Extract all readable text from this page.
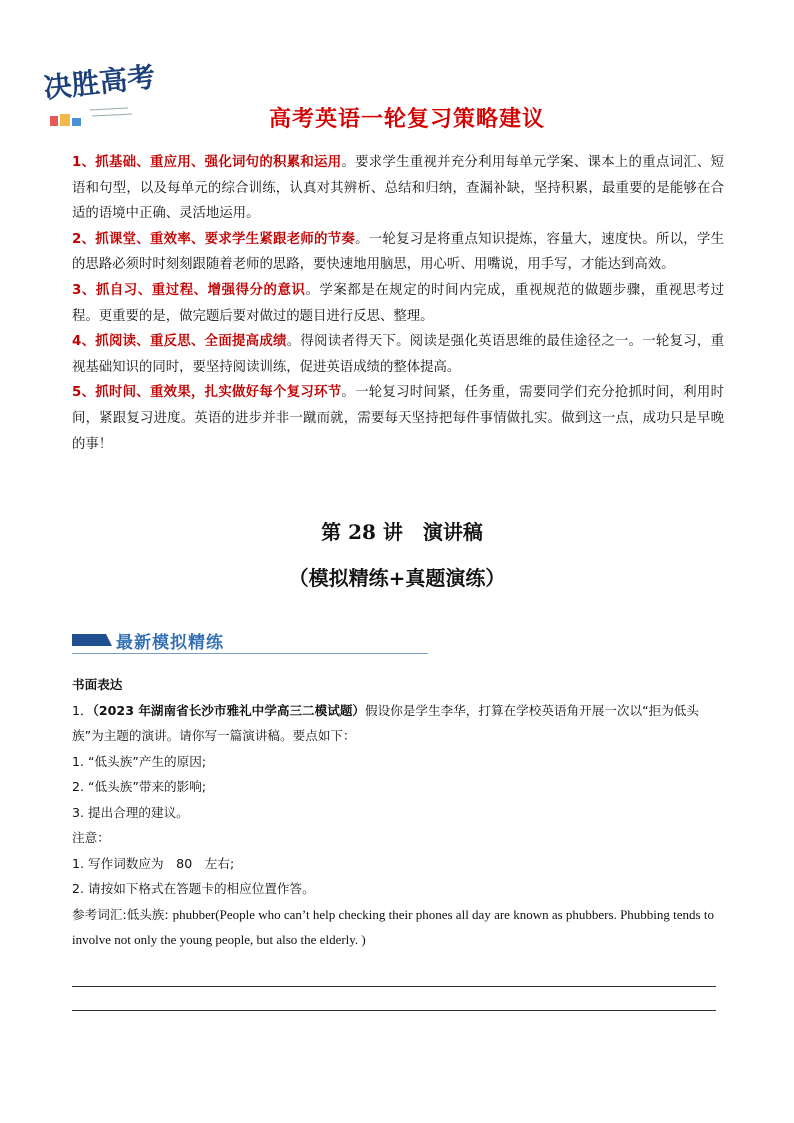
决胜高考
高考英语一轮复习策略建议

1、抓基础、重应用、强化词句的积累和运用。要求学生重视并充分利用每单元学案、课本上的重点词汇、短语和句型，以及每单元的综合训练，认真对其辨析、总结和归纳，查漏补缺，坚持积累，最重要的是能够在合适的语境中正确、灵活地运用。

2、抓课堂、重效率、要求学生紧跟老师的节奏。一轮复习是将重点知识提炼，容量大，速度快。所以，学生的思路必须时时刻刻跟随着老师的思路，要快速地用脑思，用心听、用嘴说，用手写，才能达到高效。

3、抓自习、重过程、增强得分的意识。学案都是在规定的时间内完成，重视规范的做题步骤，重视思考过程。更重要的是，做完题后要对做过的题目进行反思、整理。

4、抓阅读、重反思、全面提高成绩。得阅读者得天下。阅读是强化英语思维的最佳途径之一。一轮复习，重视基础知识的同时，要坚持阅读训练，促进英语成绩的整体提高。

5、抓时间、重效果，扎实做好每个复习环节。一轮复习时间紧，任务重，需要同学们充分抢抓时间，利用时间，紧跟复习进度。英语的进步并非一蹴而就，需要每天坚持把每件事情做扎实。做到这一点，成功只是早晚的事！

第 28 讲　演讲稿
（模拟精练+真题演练）
最新模拟精练

书面表达

1．（2023 年湖南省长沙市雅礼中学高三二模试题）假设你是学生李华，打算在学校英语角开展一次以“拒为低头族”为主题的演讲。请你写一篇演讲稿。要点如下：

1. “低头族”产生的原因;

2. “低头族”带来的影响;

3. 提出合理的建议。

注意：

1. 写作词数应为　80　左右;

2. 请按如下格式在答题卡的相应位置作答。

参考词汇:低头族: phubber(People who can’t help checking their phones all day are known as phubbers. Phubbing tends to involve not only the young people, but also the elderly. )
